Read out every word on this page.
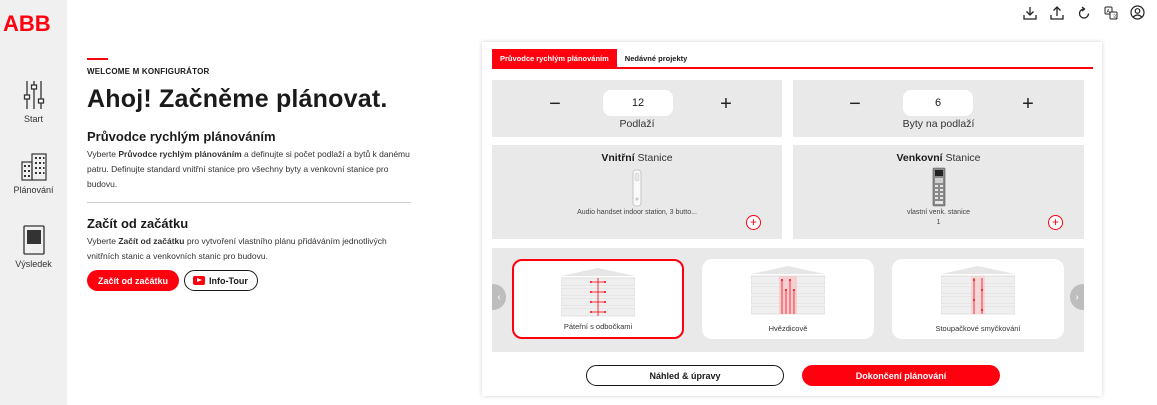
ABB
Start
Plánování
Výsledek
A
文
WELCOME M KONFIGURÁTOR
Ahoj! Začněme plánovat.
Průvodce rychlým plánováním
Vyberte Průvodce rychlým plánováním a definujte si počet podlaží a bytů k danému patru. Definujte standard vnitřní stanice pro všechny byty a venkovní stanice pro budovu.
Začít od začátku
Vyberte Začít od začátku pro vytvoření vlastního plánu přidáváním jednotlivých vnitřních stanic a venkovních stanic pro budovu.
Začít od začátku	Info-Tour
Průvodce rychlým plánováním	Nedávné projekty
−	12	+
Podlaží
−	6	+
Byty na podlaží
Vnitřní Stanice
Audio handset indoor station, 3 butto...
+
Venkovní Stanice
vlastní venk. stanice
1	+
‹
Páteřní s odbočkami	Hvězdicově	Stoupačkové smyčkování
›
Náhled & úpravy	Dokončení plánování
